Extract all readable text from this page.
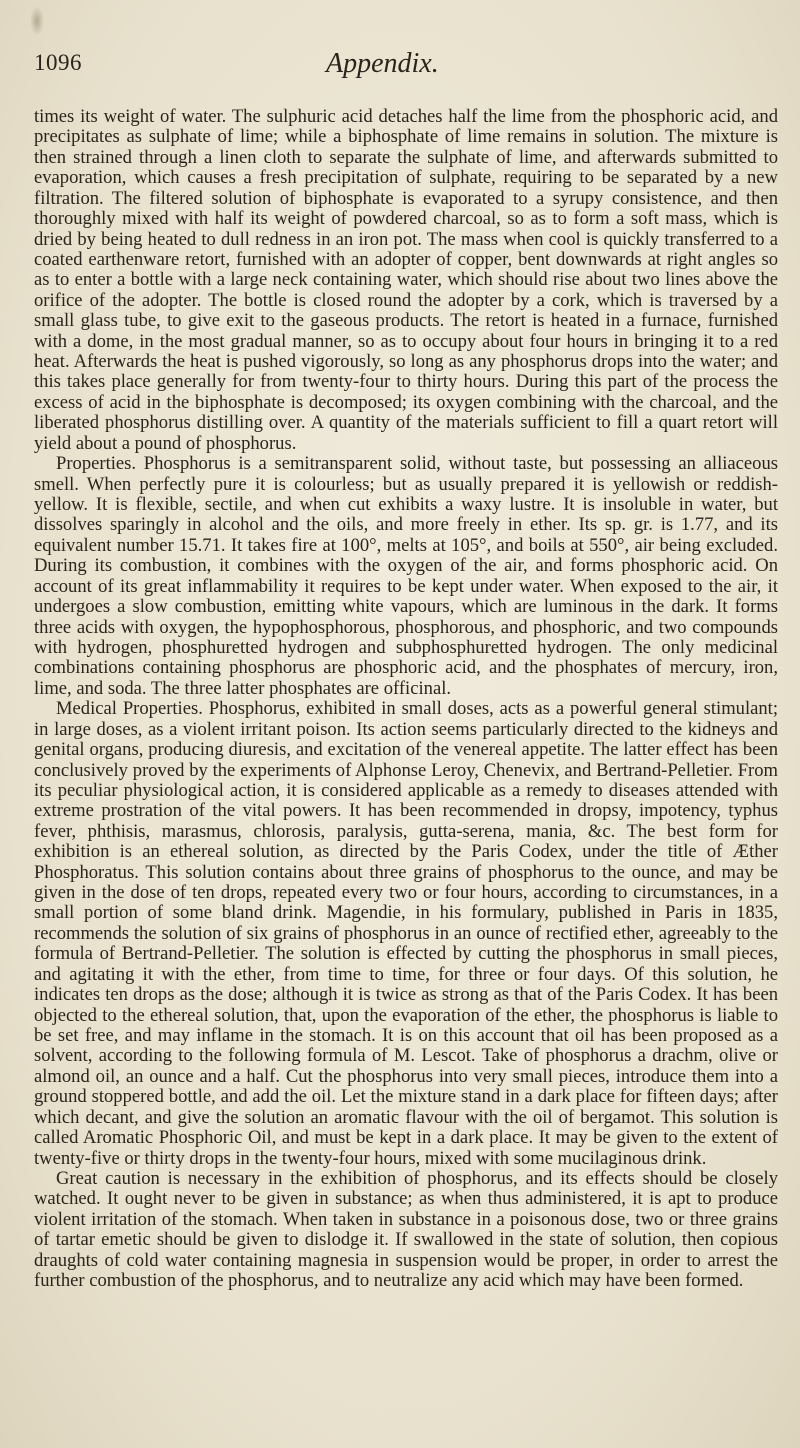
1096	Appendix.

times its weight of water. The sulphuric acid detaches half the lime from the phosphoric acid, and precipitates as sulphate of lime; while a biphosphate of lime remains in solution. The mixture is then strained through a linen cloth to separate the sulphate of lime, and afterwards submitted to evaporation, which causes a fresh precipitation of sulphate, requiring to be separated by a new filtration. The filtered solution of biphosphate is evaporated to a syrupy consistence, and then thoroughly mixed with half its weight of powdered charcoal, so as to form a soft mass, which is dried by being heated to dull redness in an iron pot. The mass when cool is quickly transferred to a coated earthenware retort, furnished with an adopter of copper, bent downwards at right angles so as to enter a bottle with a large neck containing water, which should rise about two lines above the orifice of the adopter. The bottle is closed round the adopter by a cork, which is traversed by a small glass tube, to give exit to the gaseous products. The retort is heated in a furnace, furnished with a dome, in the most gradual manner, so as to occupy about four hours in bringing it to a red heat. Afterwards the heat is pushed vigorously, so long as any phosphorus drops into the water; and this takes place generally for from twenty-four to thirty hours. During this part of the process the excess of acid in the biphosphate is decomposed; its oxygen combining with the charcoal, and the liberated phosphorus distilling over. A quantity of the materials sufficient to fill a quart retort will yield about a pound of phosphorus.

Properties. Phosphorus is a semitransparent solid, without taste, but possessing an alliaceous smell. When perfectly pure it is colourless; but as usually prepared it is yellowish or reddish-yellow. It is flexible, sectile, and when cut exhibits a waxy lustre. It is insoluble in water, but dissolves sparingly in alcohol and the oils, and more freely in ether. Its sp. gr. is 1.77, and its equivalent number 15.71. It takes fire at 100°, melts at 105°, and boils at 550°, air being excluded. During its combustion, it combines with the oxygen of the air, and forms phosphoric acid. On account of its great inflammability it requires to be kept under water. When exposed to the air, it undergoes a slow combustion, emitting white vapours, which are luminous in the dark. It forms three acids with oxygen, the hypophosphorous, phosphorous, and phosphoric, and two compounds with hydrogen, phosphuretted hydrogen and subphosphuretted hydrogen. The only medicinal combinations containing phosphorus are phosphoric acid, and the phosphates of mercury, iron, lime, and soda. The three latter phosphates are officinal.

Medical Properties. Phosphorus, exhibited in small doses, acts as a powerful general stimulant; in large doses, as a violent irritant poison. Its action seems particularly directed to the kidneys and genital organs, producing diuresis, and excitation of the venereal appetite. The latter effect has been conclusively proved by the experiments of Alphonse Leroy, Chenevix, and Bertrand-Pelletier. From its peculiar physiological action, it is considered applicable as a remedy to diseases attended with extreme prostration of the vital powers. It has been recommended in dropsy, impotency, typhus fever, phthisis, marasmus, chlorosis, paralysis, gutta-serena, mania, &c. The best form for exhibition is an ethereal solution, as directed by the Paris Codex, under the title of Æther Phosphoratus. This solution contains about three grains of phosphorus to the ounce, and may be given in the dose of ten drops, repeated every two or four hours, according to circumstances, in a small portion of some bland drink. Magendie, in his formulary, published in Paris in 1835, recommends the solution of six grains of phosphorus in an ounce of rectified ether, agreeably to the formula of Bertrand-Pelletier. The solution is effected by cutting the phosphorus in small pieces, and agitating it with the ether, from time to time, for three or four days. Of this solution, he indicates ten drops as the dose; although it is twice as strong as that of the Paris Codex. It has been objected to the ethereal solution, that, upon the evaporation of the ether, the phosphorus is liable to be set free, and may inflame in the stomach. It is on this account that oil has been proposed as a solvent, according to the following formula of M. Lescot. Take of phosphorus a drachm, olive or almond oil, an ounce and a half. Cut the phosphorus into very small pieces, introduce them into a ground stoppered bottle, and add the oil. Let the mixture stand in a dark place for fifteen days; after which decant, and give the solution an aromatic flavour with the oil of bergamot. This solution is called Aromatic Phosphoric Oil, and must be kept in a dark place. It may be given to the extent of twenty-five or thirty drops in the twenty-four hours, mixed with some mucilaginous drink.

Great caution is necessary in the exhibition of phosphorus, and its effects should be closely watched. It ought never to be given in substance; as when thus administered, it is apt to produce violent irritation of the stomach. When taken in substance in a poisonous dose, two or three grains of tartar emetic should be given to dislodge it. If swallowed in the state of solution, then copious draughts of cold water containing magnesia in suspension would be proper, in order to arrest the further combustion of the phosphorus, and to neutralize any acid which may have been formed.
